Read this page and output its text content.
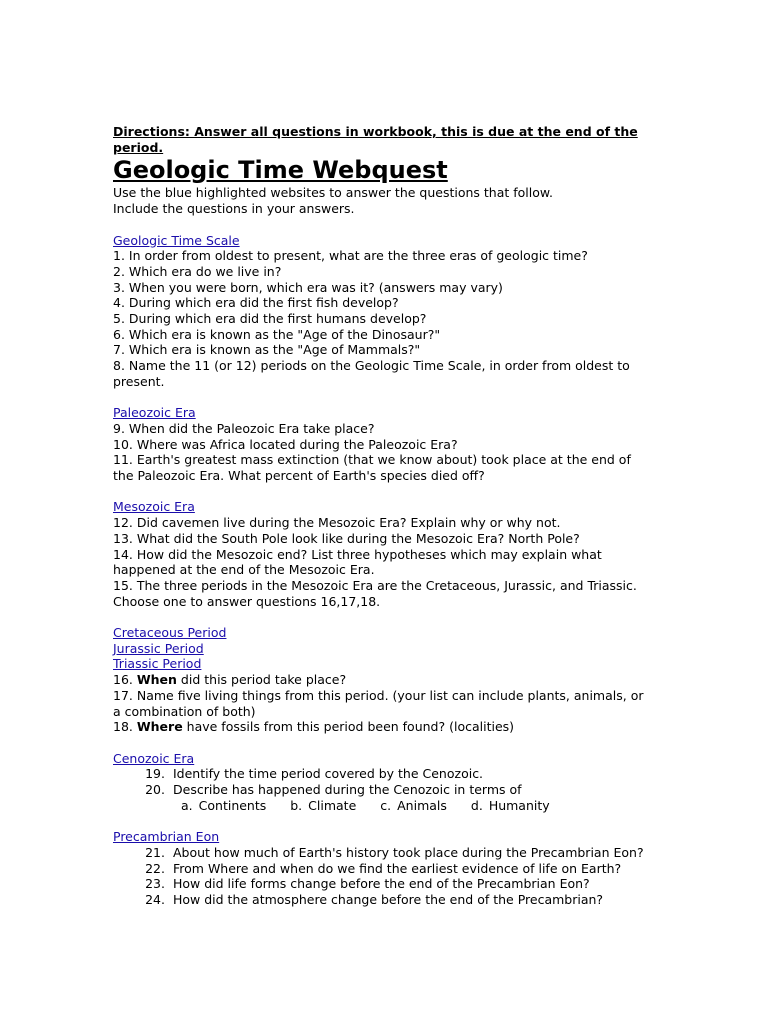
Directions: Answer all questions in workbook, this is due at the end of the period.

Geologic Time Webquest

Use the blue highlighted websites to answer the questions that follow.

Include the questions in your answers.

Geologic Time Scale

1. In order from oldest to present, what are the three eras of geologic time?

2. Which era do we live in?

3. When you were born, which era was it? (answers may vary)

4. During which era did the first fish develop?

5. During which era did the first humans develop?

6. Which era is known as the "Age of the Dinosaur?"

7. Which era is known as the "Age of Mammals?"

8. Name the 11 (or 12) periods on the Geologic Time Scale, in order from oldest to present.

Paleozoic Era

9. When did the Paleozoic Era take place?

10. Where was Africa located during the Paleozoic Era?

11. Earth's greatest mass extinction (that we know about) took place at the end of the Paleozoic Era. What percent of Earth's species died off?

Mesozoic Era

12. Did cavemen live during the Mesozoic Era? Explain why or why not.

13. What did the South Pole look like during the Mesozoic Era? North Pole?

14. How did the Mesozoic end? List three hypotheses which may explain what happened at the end of the Mesozoic Era.

15. The three periods in the Mesozoic Era are the Cretaceous, Jurassic, and Triassic. Choose one to answer questions 16,17,18.

Cretaceous Period

Jurassic Period

Triassic Period

16. When did this period take place?

17. Name five living things from this period. (your list can include plants, animals, or a combination of both)

18. Where have fossils from this period been found? (localities)

Cenozoic Era

19. Identify the time period covered by the Cenozoic.

20. Describe has happened during the Cenozoic in terms of

a. Continents b. Climate c. Animals d. Humanity

Precambrian Eon

21. About how much of Earth's history took place during the Precambrian Eon?

22. From Where and when do we find the earliest evidence of life on Earth?

23. How did life forms change before the end of the Precambrian Eon?

24. How did the atmosphere change before the end of the Precambrian?
